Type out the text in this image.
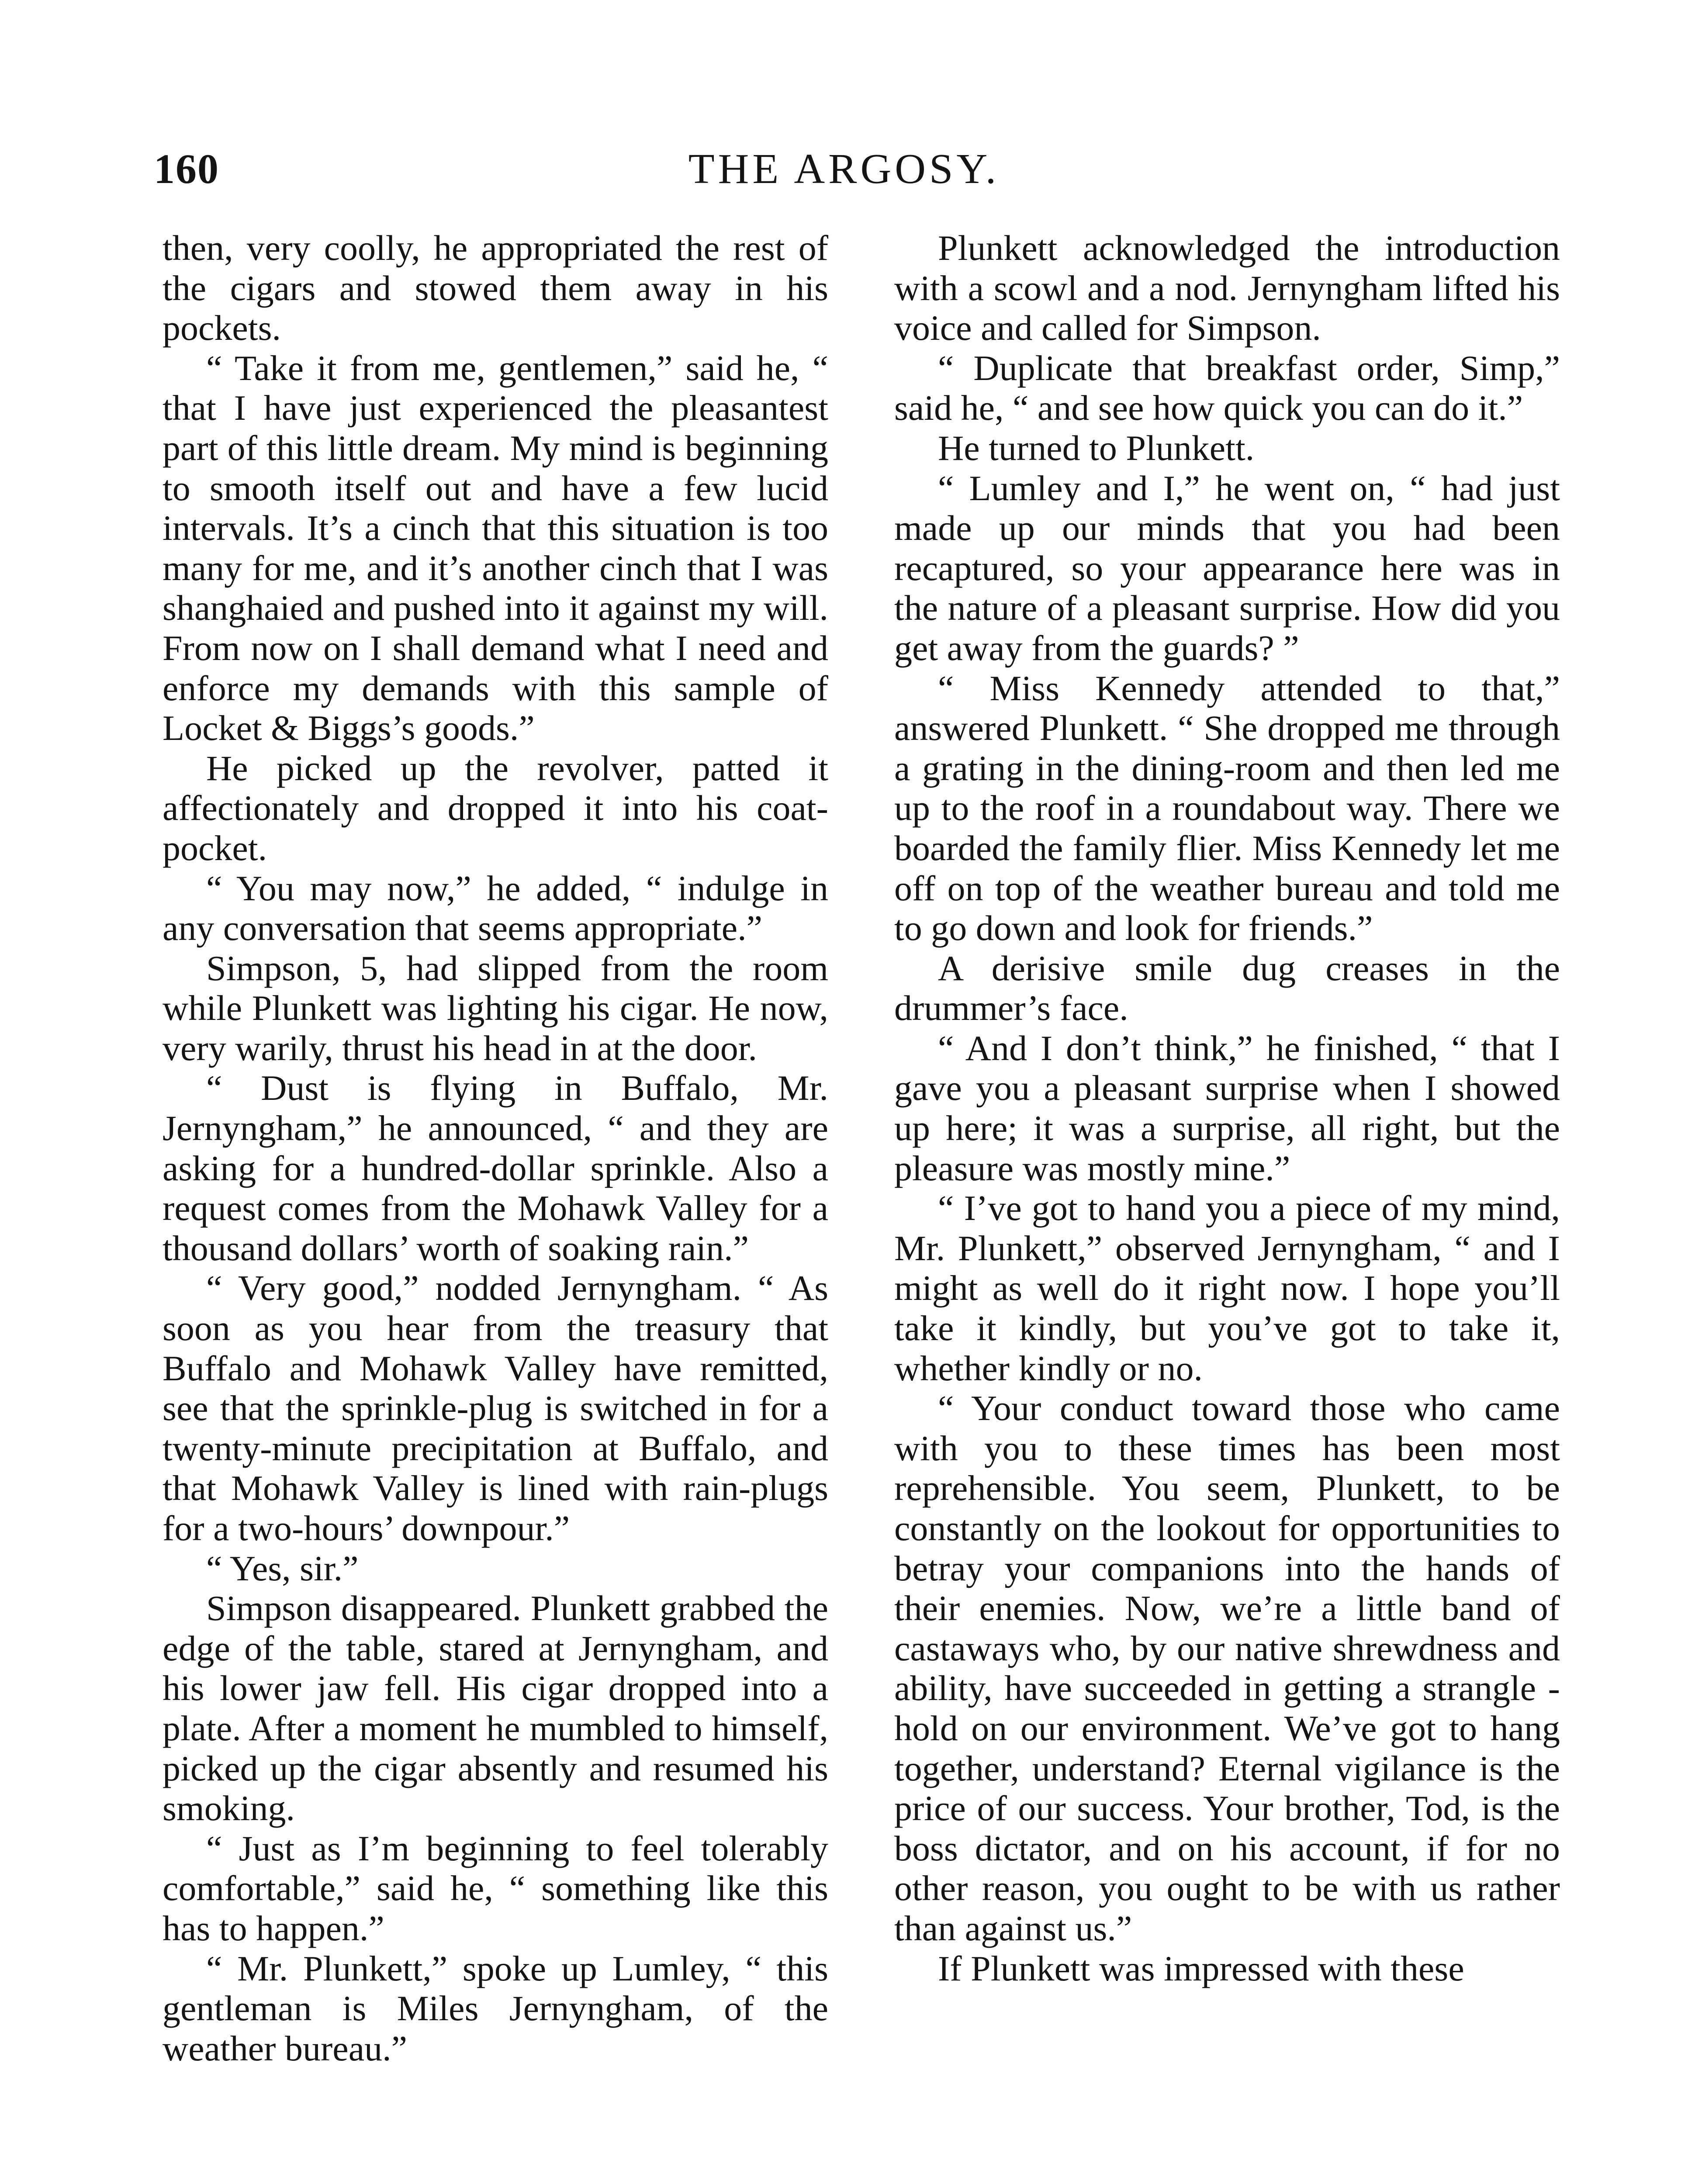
160	THE ARGOSY.

then, very coolly, he appropriated the rest of the cigars and stowed them away in his pockets.

“ Take it from me, gentlemen,” said he, “ that I have just experienced the pleasantest part of this little dream. My mind is beginning to smooth itself out and have a few lucid intervals. It’s a cinch that this situation is too many for me, and it’s another cinch that I was shanghaied and pushed into it against my will. From now on I shall demand what I need and enforce my demands with this sample of Locket & Biggs’s goods.”

He picked up the revolver, patted it affectionately and dropped it into his coat-pocket.

“ You may now,” he added, “ indulge in any conversation that seems appropriate.”

Simpson, 5, had slipped from the room while Plunkett was lighting his cigar. He now, very warily, thrust his head in at the door.

“ Dust is flying in Buffalo, Mr. Jernyngham,” he announced, “ and they are asking for a hundred-dollar sprinkle. Also a request comes from the Mohawk Valley for a thousand dollars’ worth of soaking rain.”

“ Very good,” nodded Jernyngham. “ As soon as you hear from the treasury that Buffalo and Mohawk Valley have remitted, see that the sprinkle-plug is switched in for a twenty-minute precipitation at Buffalo, and that Mohawk Valley is lined with rain-plugs for a two-hours’ downpour.”

“ Yes, sir.”

Simpson disappeared. Plunkett grabbed the edge of the table, stared at Jernyngham, and his lower jaw fell. His cigar dropped into a plate. After a moment he mumbled to himself, picked up the cigar absently and resumed his smoking.

“ Just as I’m beginning to feel tolerably comfortable,” said he, “ something like this has to happen.”

“ Mr. Plunkett,” spoke up Lumley, “ this gentleman is Miles Jernyngham, of the weather bureau.”

Plunkett acknowledged the introduction with a scowl and a nod. Jernyngham lifted his voice and called for Simpson.

“ Duplicate that breakfast order, Simp,” said he, “ and see how quick you can do it.”

He turned to Plunkett.

“ Lumley and I,” he went on, “ had just made up our minds that you had been recaptured, so your appearance here was in the nature of a pleasant surprise. How did you get away from the guards? ”

“ Miss Kennedy attended to that,” answered Plunkett. “ She dropped me through a grating in the dining-room and then led me up to the roof in a roundabout way. There we boarded the family flier. Miss Kennedy let me off on top of the weather bureau and told me to go down and look for friends.”

A derisive smile dug creases in the drummer’s face.

“ And I don’t think,” he finished, “ that I gave you a pleasant surprise when I showed up here; it was a surprise, all right, but the pleasure was mostly mine.”

“ I’ve got to hand you a piece of my mind, Mr. Plunkett,” observed Jernyngham, “ and I might as well do it right now. I hope you’ll take it kindly, but you’ve got to take it, whether kindly or no.

“ Your conduct toward those who came with you to these times has been most reprehensible. You seem, Plunkett, to be constantly on the lookout for opportunities to betray your companions into the hands of their enemies. Now, we’re a little band of castaways who, by our native shrewdness and ability, have succeeded in getting a strangle - hold on our environment. We’ve got to hang together, understand? Eternal vigilance is the price of our success. Your brother, Tod, is the boss dictator, and on his account, if for no other reason, you ought to be with us rather than against us.”

If Plunkett was impressed with these
